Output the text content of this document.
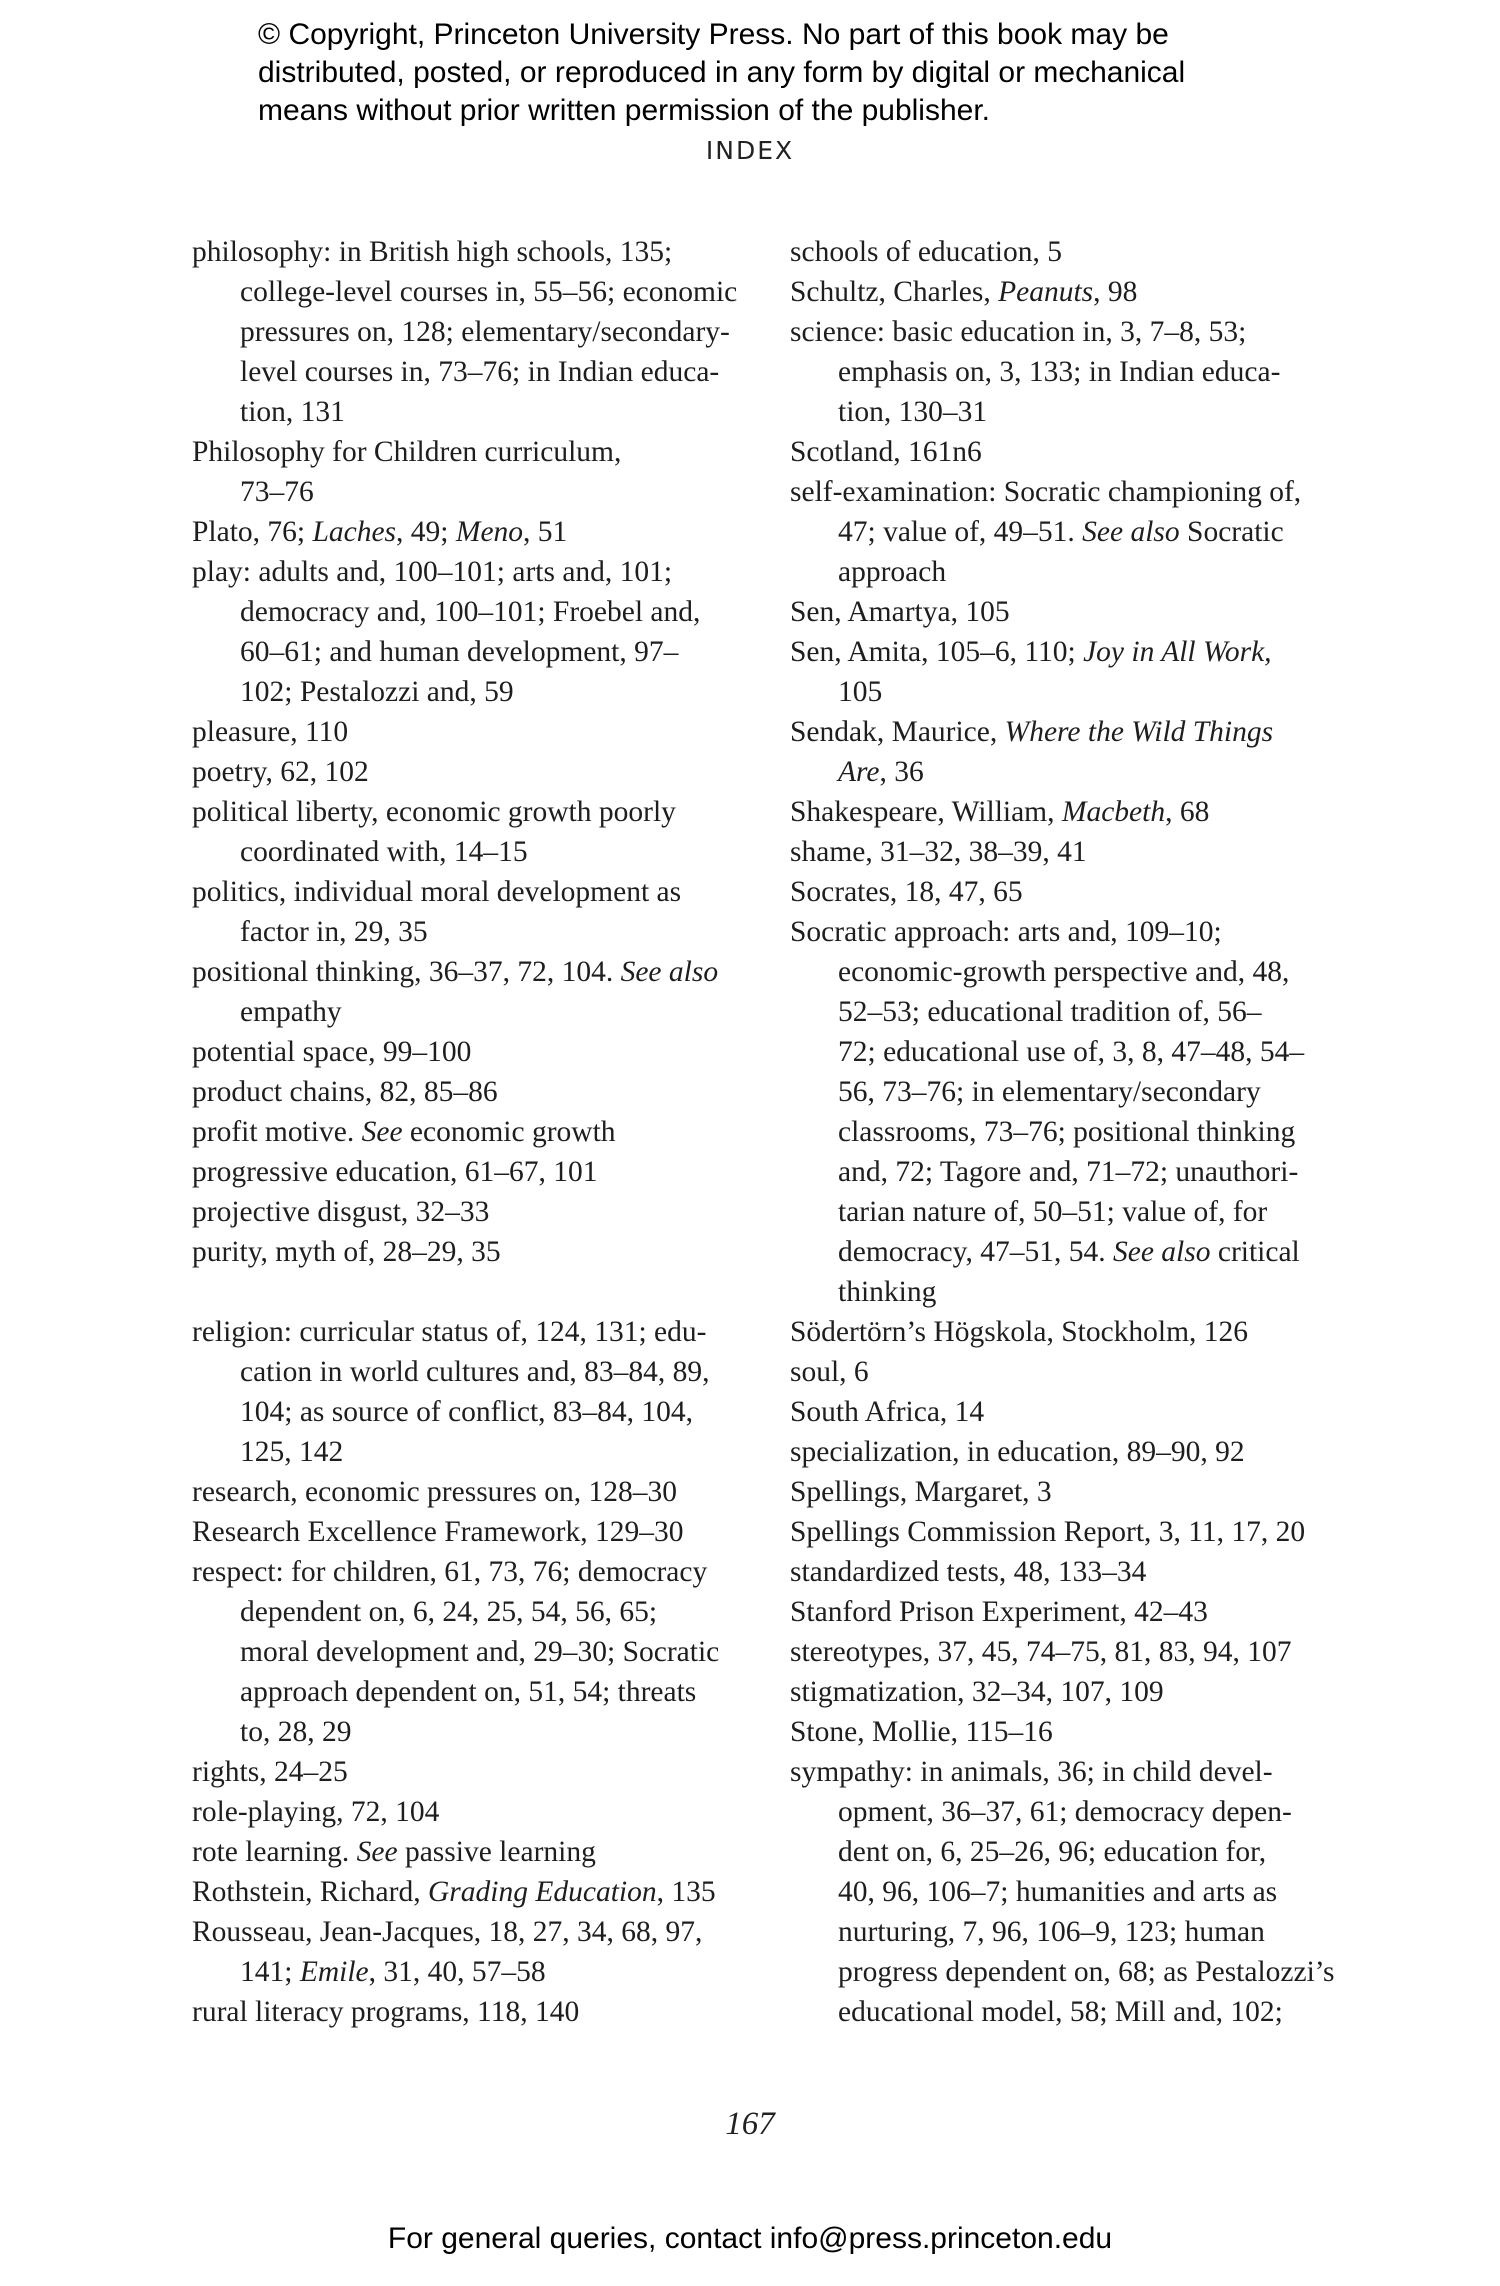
© Copyright, Princeton University Press. No part of this book may be
distributed, posted, or reproduced in any form by digital or mechanical
means without prior written permission of the publisher.
INDEX
philosophy: in British high schools, 135;
college-level courses in, 55–56; economic
pressures on, 128; elementary/secondary-
level courses in, 73–76; in Indian educa-
tion, 131
Philosophy for Children curriculum,
73–76
Plato, 76; Laches, 49; Meno, 51
play: adults and, 100–101; arts and, 101;
democracy and, 100–101; Froebel and,
60–61; and human development, 97–
102; Pestalozzi and, 59
pleasure, 110
poetry, 62, 102
political liberty, economic growth poorly
coordinated with, 14–15
politics, individual moral development as
factor in, 29, 35
positional thinking, 36–37, 72, 104. See also
empathy
potential space, 99–100
product chains, 82, 85–86
profit motive. See economic growth
progressive education, 61–67, 101
projective disgust, 32–33
purity, myth of, 28–29, 35
religion: curricular status of, 124, 131; edu-
cation in world cultures and, 83–84, 89,
104; as source of conflict, 83–84, 104,
125, 142
research, economic pressures on, 128–30
Research Excellence Framework, 129–30
respect: for children, 61, 73, 76; democracy
dependent on, 6, 24, 25, 54, 56, 65;
moral development and, 29–30; Socratic
approach dependent on, 51, 54; threats
to, 28, 29
rights, 24–25
role-playing, 72, 104
rote learning. See passive learning
Rothstein, Richard, Grading Education, 135
Rousseau, Jean-Jacques, 18, 27, 34, 68, 97,
141; Emile, 31, 40, 57–58
rural literacy programs, 118, 140
schools of education, 5
Schultz, Charles, Peanuts, 98
science: basic education in, 3, 7–8, 53;
emphasis on, 3, 133; in Indian educa-
tion, 130–31
Scotland, 161n6
self-examination: Socratic championing of,
47; value of, 49–51. See also Socratic
approach
Sen, Amartya, 105
Sen, Amita, 105–6, 110; Joy in All Work,
105
Sendak, Maurice, Where the Wild Things
Are, 36
Shakespeare, William, Macbeth, 68
shame, 31–32, 38–39, 41
Socrates, 18, 47, 65
Socratic approach: arts and, 109–10;
economic-growth perspective and, 48,
52–53; educational tradition of, 56–
72; educational use of, 3, 8, 47–48, 54–
56, 73–76; in elementary/secondary
classrooms, 73–76; positional thinking
and, 72; Tagore and, 71–72; unauthori-
tarian nature of, 50–51; value of, for
democracy, 47–51, 54. See also critical
thinking
Södertörn’s Högskola, Stockholm, 126
soul, 6
South Africa, 14
specialization, in education, 89–90, 92
Spellings, Margaret, 3
Spellings Commission Report, 3, 11, 17, 20
standardized tests, 48, 133–34
Stanford Prison Experiment, 42–43
stereotypes, 37, 45, 74–75, 81, 83, 94, 107
stigmatization, 32–34, 107, 109
Stone, Mollie, 115–16
sympathy: in animals, 36; in child devel-
opment, 36–37, 61; democracy depen-
dent on, 6, 25–26, 96; education for,
40, 96, 106–7; humanities and arts as
nurturing, 7, 96, 106–9, 123; human
progress dependent on, 68; as Pestalozzi’s
educational model, 58; Mill and, 102;
167
For general queries, contact info@press.princeton.edu
